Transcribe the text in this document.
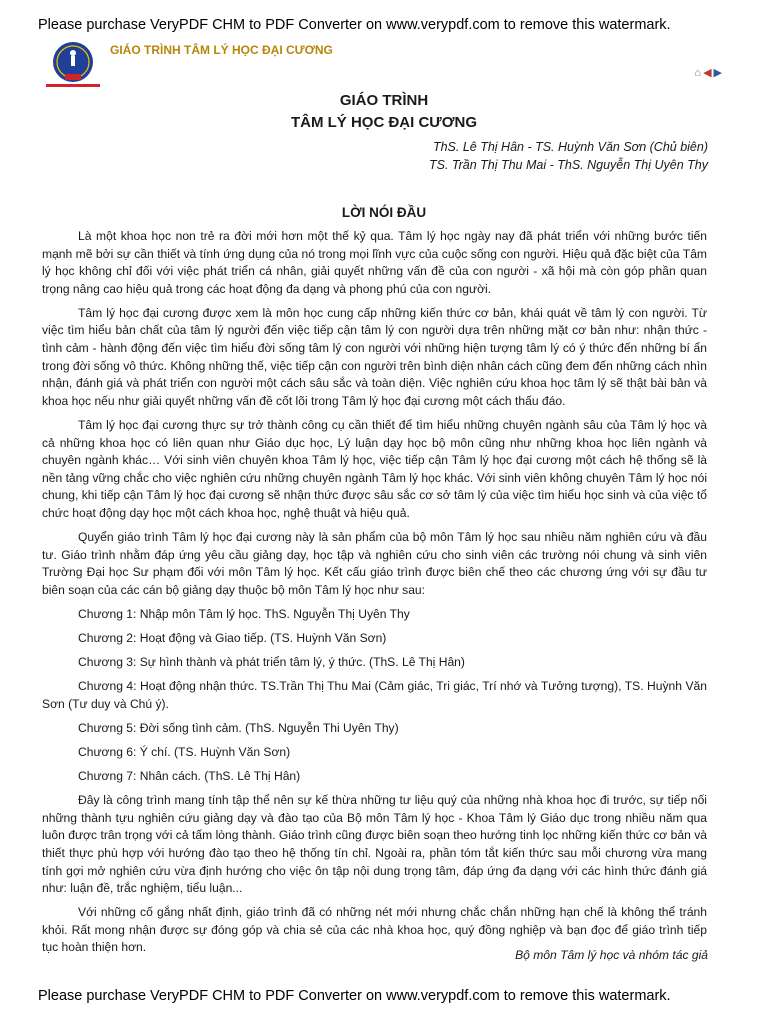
Please purchase VeryPDF CHM to PDF Converter on www.verypdf.com to remove this watermark.
GIÁO TRÌNH TÂM LÝ HỌC ĐẠI CƯƠNG
⌂ ◀ ▶
GIÁO TRÌNH
TÂM LÝ HỌC ĐẠI CƯƠNG
ThS. Lê Thị Hân - TS. Huỳnh Văn Sơn (Chủ biên)
TS. Trần Thị Thu Mai - ThS. Nguyễn Thị Uyên Thy
LỜI NÓI ĐẦU

Là một khoa học non trẻ ra đời mới hơn một thế kỷ qua. Tâm lý học ngày nay đã phát triển với những bước tiến mạnh mẽ bởi sự cần thiết và tính ứng dụng của nó trong mọi lĩnh vực của cuộc sống con người. Hiệu quả đặc biệt của Tâm lý học không chỉ đối với việc phát triển cá nhân, giải quyết những vấn đề của con người - xã hội mà còn góp phần quan trọng nâng cao hiệu quả trong các hoạt động đa dạng và phong phú của con người.

Tâm lý học đại cương được xem là môn học cung cấp những kiến thức cơ bản, khái quát về tâm lý con người. Từ việc tìm hiểu bản chất của tâm lý người đến việc tiếp cận tâm lý con người dựa trên những mặt cơ bản như: nhận thức - tình cảm - hành động đến việc tìm hiểu đời sống tâm lý con người với những hiện tượng tâm lý có ý thức đến những bí ẩn trong đời sống vô thức. Không những thế, việc tiếp cận con người trên bình diện nhân cách cũng đem đến những cách nhìn nhận, đánh giá và phát triển con người một cách sâu sắc và toàn diện. Việc nghiên cứu khoa học tâm lý sẽ thật bài bản và khoa học nếu như giải quyết những vấn đề cốt lõi trong Tâm lý học đại cương một cách thấu đáo.

Tâm lý học đại cương thực sự trở thành công cụ cần thiết để tìm hiểu những chuyên ngành sâu của Tâm lý học và cả những khoa học có liên quan như Giáo dục học, Lý luận dạy học bộ môn cũng như những khoa học liên ngành và chuyên ngành khác… Với sinh viên chuyên khoa Tâm lý học, việc tiếp cận Tâm lý học đại cương một cách hệ thống sẽ là nền tảng vững chắc cho việc nghiên cứu những chuyên ngành Tâm lý học khác. Với sinh viên không chuyên Tâm lý học nói chung, khi tiếp cận Tâm lý học đại cương sẽ nhận thức được sâu sắc cơ sở tâm lý của việc tìm hiểu học sinh và của việc tổ chức hoạt động dạy học một cách khoa học, nghệ thuật và hiệu quả.

Quyển giáo trình Tâm lý học đại cương này là sản phẩm của bộ môn Tâm lý học sau nhiều năm nghiên cứu và đầu tư. Giáo trình nhằm đáp ứng yêu cầu giảng dạy, học tập và nghiên cứu cho sinh viên các trường nói chung và sinh viên Trường Đại học Sư phạm đối với môn Tâm lý học. Kết cấu giáo trình được biên chế theo các chương ứng với sự đầu tư biên soạn của các cán bộ giảng dạy thuộc bộ môn Tâm lý học như sau:

Chương 1: Nhập môn Tâm lý học. ThS. Nguyễn Thị Uyên Thy

Chương 2: Hoạt động và Giao tiếp. (TS. Huỳnh Văn Sơn)

Chương 3: Sự hình thành và phát triển tâm lý, ý thức. (ThS. Lê Thị Hân)

Chương 4: Hoạt động nhận thức. TS.Trần Thị Thu Mai (Cảm giác, Tri giác, Trí nhớ và Tưởng tượng), TS. Huỳnh Văn Sơn (Tư duy và Chú ý).

Chương 5: Đời sống tình cảm. (ThS. Nguyễn Thi Uyên Thy)

Chương 6: Ý chí. (TS. Huỳnh Văn Sơn)

Chương 7: Nhân cách. (ThS. Lê Thị Hân)

Đây là công trình mang tính tập thể nên sự kế thừa những tư liệu quý của những nhà khoa học đi trước, sự tiếp nối những thành tựu nghiên cứu giảng dạy và đào tạo của Bộ môn Tâm lý học - Khoa Tâm lý Giáo dục trong nhiều năm qua luôn được trân trọng với cả tấm lòng thành. Giáo trình cũng được biên soạn theo hướng tinh lọc những kiến thức cơ bản và thiết thực phù hợp với hướng đào tạo theo hệ thống tín chỉ. Ngoài ra, phần tóm tắt kiến thức sau mỗi chương vừa mang tính gợi mở nghiên cứu vừa định hướng cho việc ôn tập nội dung trọng tâm, đáp ứng đa dạng với các hình thức đánh giá như: luận đề, trắc nghiệm, tiểu luận...

Với những cố gắng nhất định, giáo trình đã có những nét mới nhưng chắc chắn những hạn chế là không thể tránh khỏi. Rất mong nhận được sự đóng góp và chia sẻ của các nhà khoa học, quý đồng nghiệp và bạn đọc để giáo trình tiếp tục hoàn thiện hơn.

Bộ môn Tâm lý học và nhóm tác giả
Please purchase VeryPDF CHM to PDF Converter on www.verypdf.com to remove this watermark.
